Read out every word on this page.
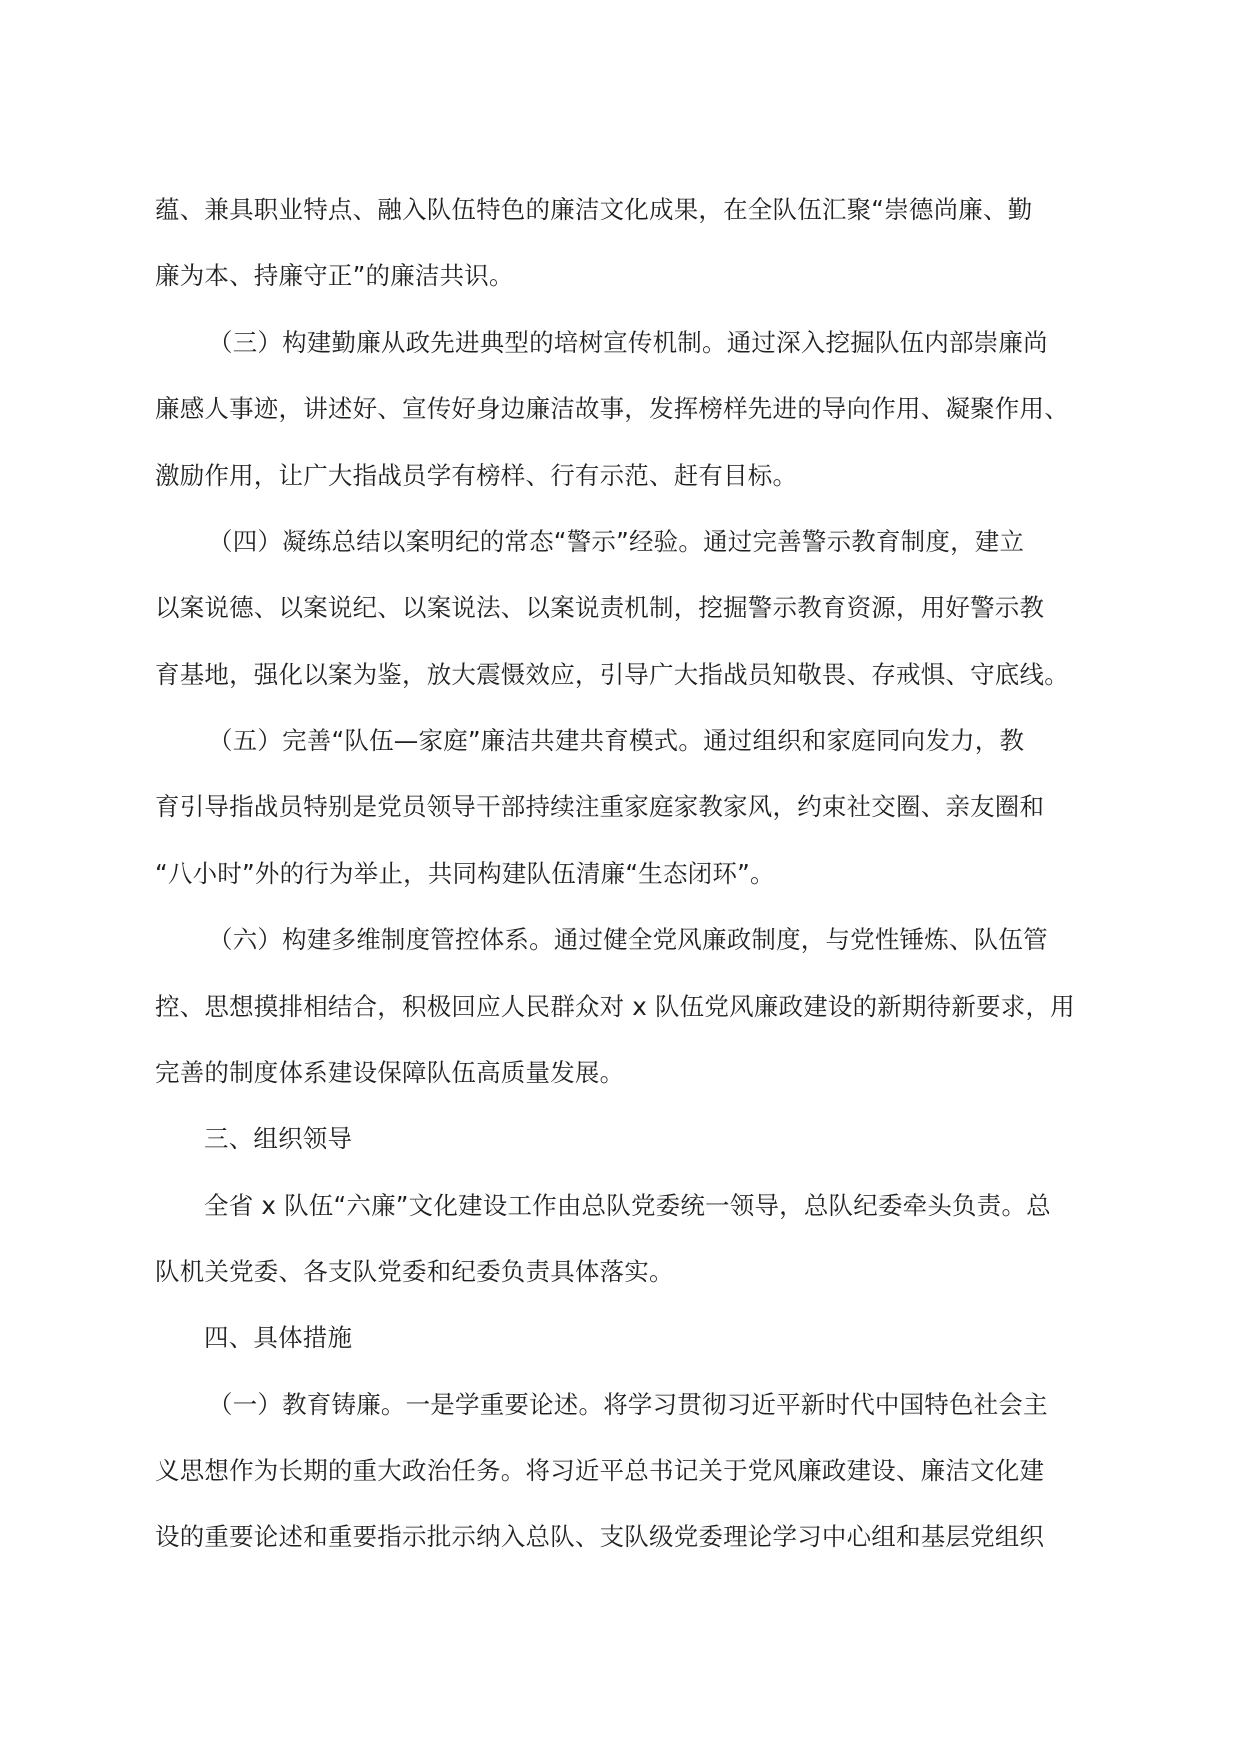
蕴、兼具职业特点、融入队伍特色的廉洁文化成果，在全队伍汇聚“崇德尚廉、勤
廉为本、持廉守正”的廉洁共识。
（三）构建勤廉从政先进典型的培树宣传机制。通过深入挖掘队伍内部崇廉尚
廉感人事迹，讲述好、宣传好身边廉洁故事，发挥榜样先进的导向作用、凝聚作用、
激励作用，让广大指战员学有榜样、行有示范、赶有目标。
（四）凝练总结以案明纪的常态“警示”经验。通过完善警示教育制度，建立
以案说德、以案说纪、以案说法、以案说责机制，挖掘警示教育资源，用好警示教
育基地，强化以案为鉴，放大震慑效应，引导广大指战员知敬畏、存戒惧、守底线。
（五）完善“队伍—家庭”廉洁共建共育模式。通过组织和家庭同向发力，教
育引导指战员特别是党员领导干部持续注重家庭家教家风，约束社交圈、亲友圈和
“八小时”外的行为举止，共同构建队伍清廉“生态闭环”。
（六）构建多维制度管控体系。通过健全党风廉政制度，与党性锤炼、队伍管
控、思想摸排相结合，积极回应人民群众对 x 队伍党风廉政建设的新期待新要求，用
完善的制度体系建设保障队伍高质量发展。
三、组织领导
全省 x 队伍“六廉”文化建设工作由总队党委统一领导，总队纪委牵头负责。总
队机关党委、各支队党委和纪委负责具体落实。
四、具体措施
（一）教育铸廉。一是学重要论述。将学习贯彻习近平新时代中国特色社会主
义思想作为长期的重大政治任务。将习近平总书记关于党风廉政建设、廉洁文化建
设的重要论述和重要指示批示纳入总队、支队级党委理论学习中心组和基层党组织
